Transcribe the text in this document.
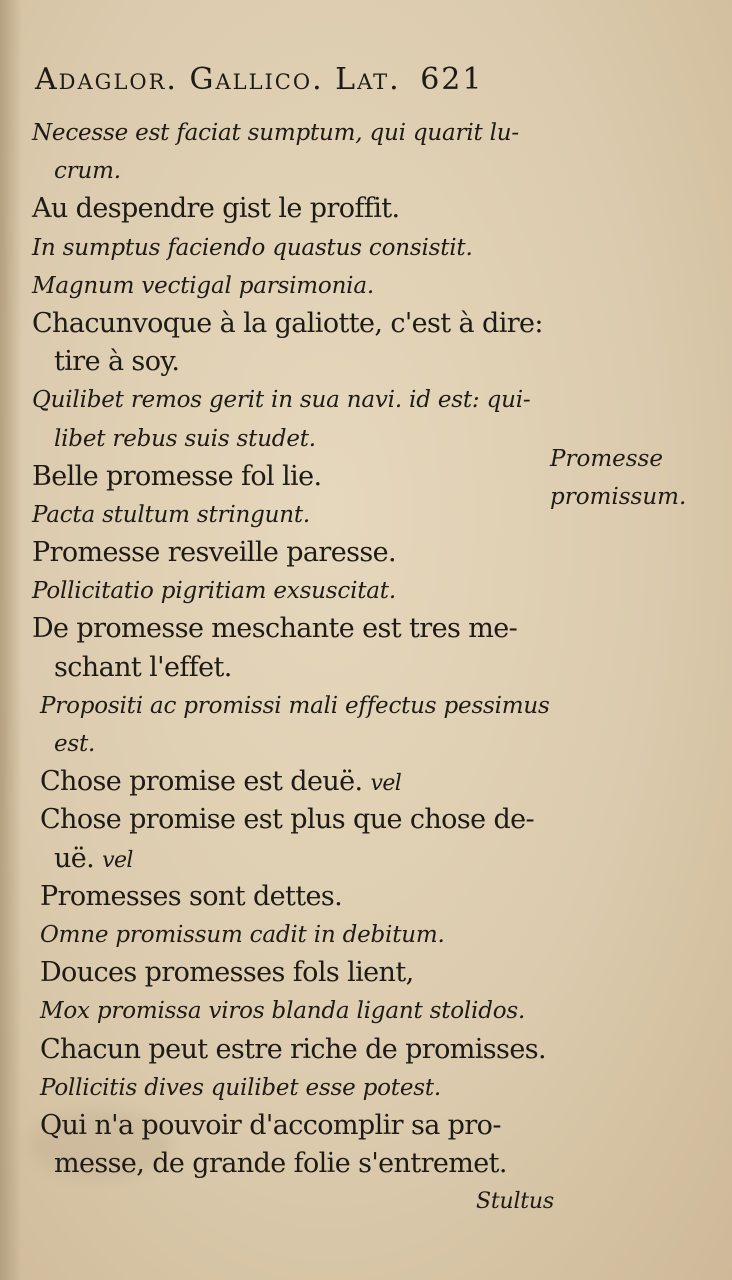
Adaglor. Gallico. Lat. 621
Necesse est faciat sumptum, qui quarit lu-
crum.
Au despendre gist le proffit.
In sumptus faciendo quastus consistit.
Magnum vectigal parsimonia.
Chacunvoque à la galiotte, c'est à dire:
tire à soy.
Quilibet remos gerit in sua navi. id est: qui-
libet rebus suis studet.
Belle promesse fol lie.
Pacta stultum stringunt.
Promesse resveille paresse.
Pollicitatio pigritiam exsuscitat.
De promesse meschante est tres me-
schant l'effet.
Propositi ac promissi mali effectus pessimus
est.
Chose promise est deuë. vel
Chose promise est plus que chose de-
uë. vel
Promesses sont dettes.
Omne promissum cadit in debitum.
Douces promesses fols lient,
Mox promissa viros blanda ligant stolidos.
Chacun peut estre riche de promisses.
Pollicitis dives quilibet esse potest.
Qui n'a pouvoir d'accomplir sa pro-
messe, de grande folie s'entremet.
Stultus
Promesse
promissum.
